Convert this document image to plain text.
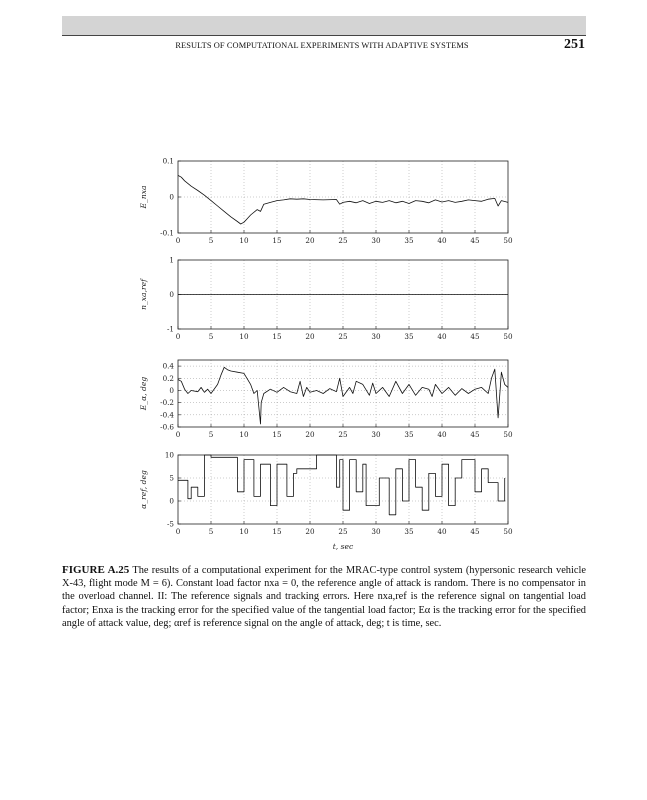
RESULTS OF COMPUTATIONAL EXPERIMENTS WITH ADAPTIVE SYSTEMS	251
0	5	10	15	20	25	30	35	40	45	50
0.1
0
-0.1
E_nxa
0	5	10	15	20	25	30	35	40	45	50
1
0
-1
n_xa,ref
0	5	10	15	20	25	30	35	40	45	50
0.4
0.2
0
-0.2
-0.4
-0.6
E_α, deg
0	5	10	15	20	25	30	35	40	45	50
10
5
0
-5
α_ref, deg
t, sec
FIGURE A.25 The results of a computational experiment for the MRAC-type control system (hypersonic research vehicle X-43, flight mode M = 6). Constant load factor nxa = 0, the reference angle of attack is random. There is no compensator in the overload channel. II: The reference signals and tracking errors. Here nxa,ref is the reference signal on tangential load factor; Enxa is the tracking error for the specified value of the tangential load factor; Eα is the tracking error for the specified angle of attack value, deg; αref is reference signal on the angle of attack, deg; t is time, sec.
